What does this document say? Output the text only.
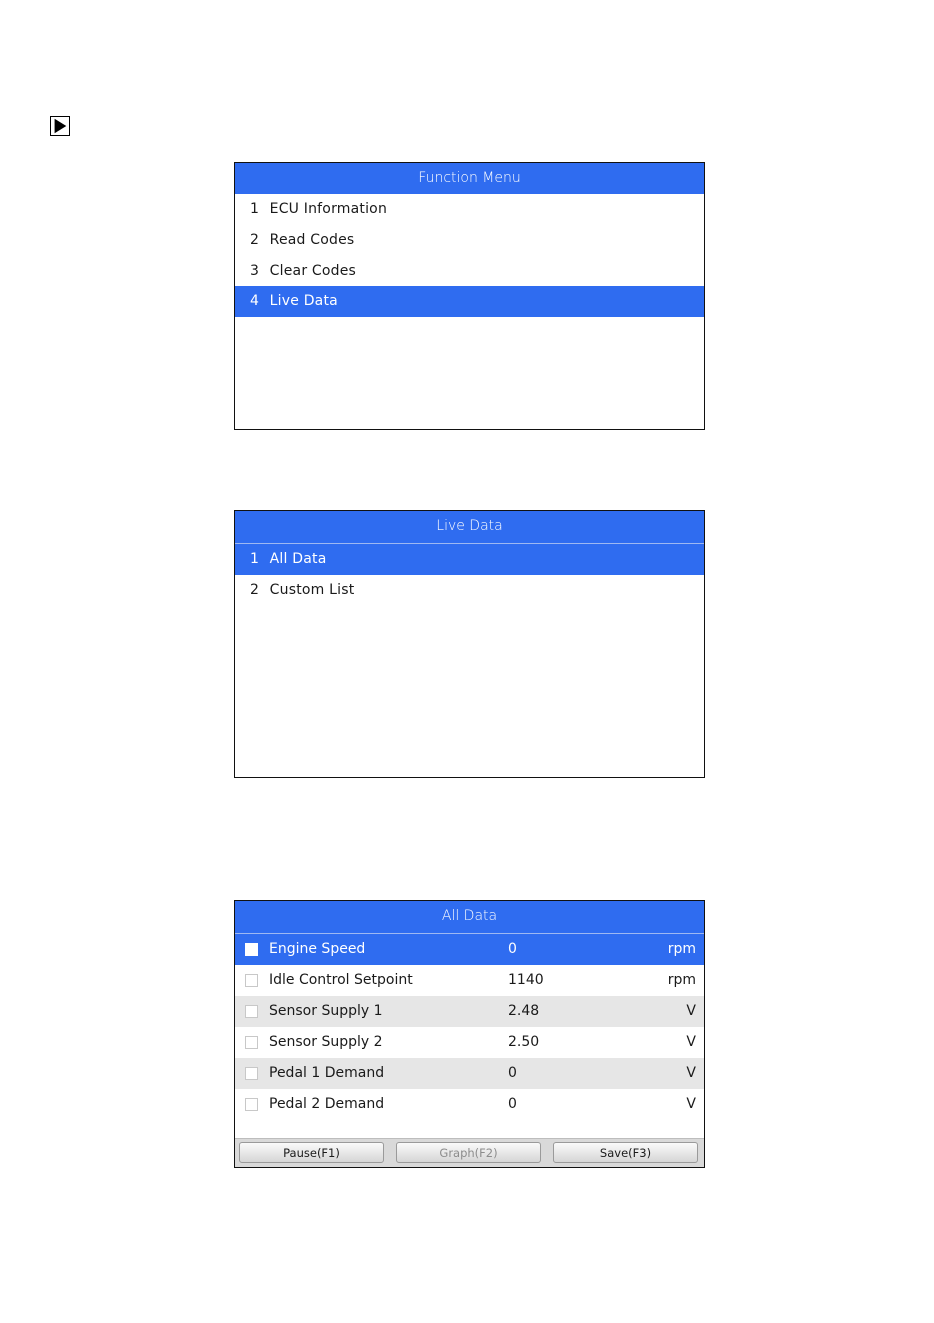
Function Menu
1 ECU Information
2 Read Codes
3 Clear Codes
4 Live Data
Live Data
1 All Data
2 Custom List
All Data
Engine Speed	0	rpm
Idle Control Setpoint	1140	rpm
Sensor Supply 1	2.48	V
Sensor Supply 2	2.50	V
Pedal 1 Demand	0	V
Pedal 2 Demand	0	V
Pause(F1)	Graph(F2)	Save(F3)
